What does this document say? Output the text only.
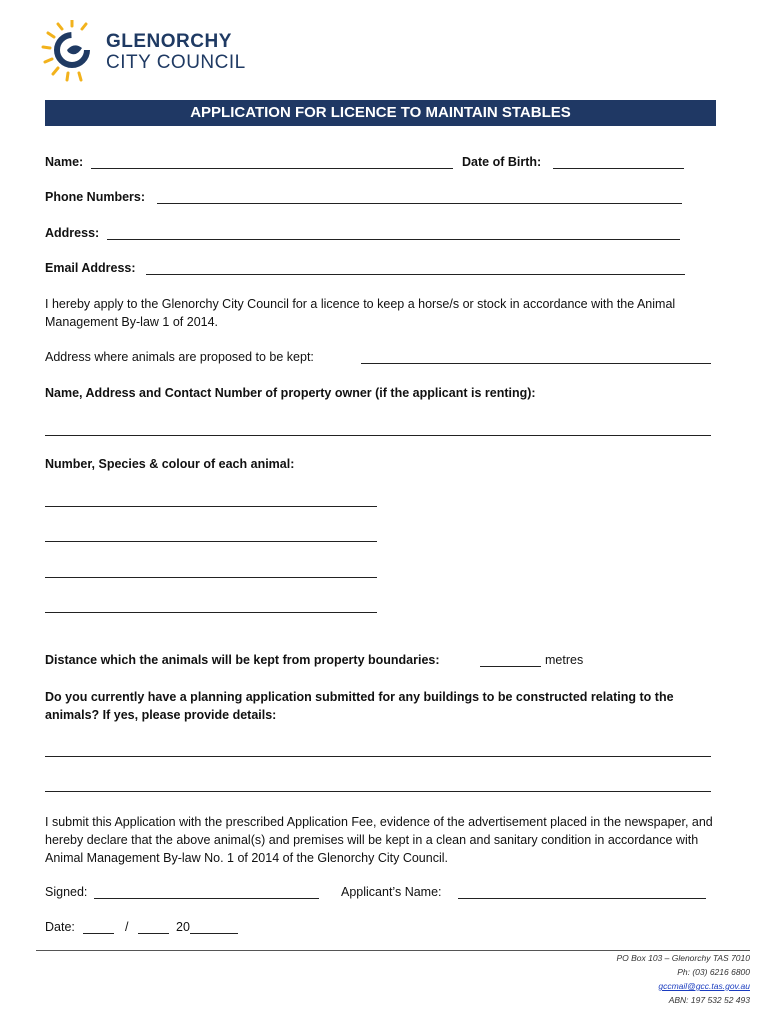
GLENORCHY
CITY COUNCIL
APPLICATION FOR LICENCE TO MAINTAIN STABLES
Name:	Date of Birth:
Phone Numbers:
Address:
Email Address:
I hereby apply to the Glenorchy City Council for a licence to keep a horse/s or stock in accordance with the Animal Management By-law 1 of 2014.
Address where animals are proposed to be kept:
Name, Address and Contact Number of property owner (if the applicant is renting):
Number, Species & colour of each animal:
Distance which the animals will be kept from property boundaries:	metres
Do you currently have a planning application submitted for any buildings to be constructed relating to the animals? If yes, please provide details:
I submit this Application with the prescribed Application Fee, evidence of the advertisement placed in the newspaper, and hereby declare that the above animal(s) and premises will be kept in a clean and sanitary condition in accordance with Animal Management By-law No. 1 of 2014 of the Glenorchy City Council.
Signed:	Applicant’s Name:
Date:	/	20
PO Box 103 – Glenorchy TAS 7010
Ph: (03) 6216 6800
gccmail@gcc.tas.gov.au
ABN: 197 532 52 493
